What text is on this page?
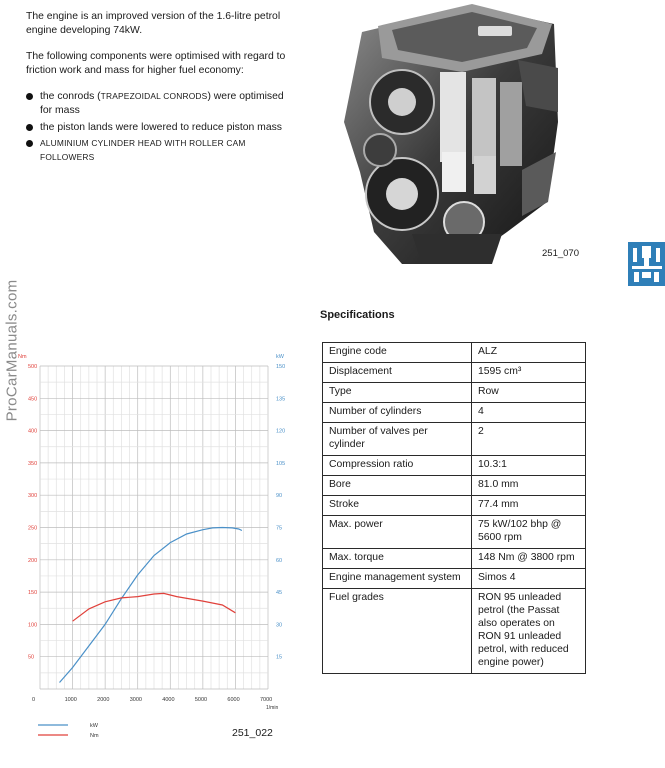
The engine is an improved version of the 1.6-litre petrol engine developing 74kW.

The following components were optimised with regard to friction work and mass for higher fuel economy:

the conrods (TRAPEZOIDAL CONRODS) were optimised for mass
the piston lands were lowered to reduce piston mass
ALUMINIUM CYLINDER HEAD WITH ROLLER CAM FOLLOWERS
251_070
ProCarManuals.com
Nm	kW
50
100
150
200
250
300
350
400
450
500
15
30
45
60
75
90
105
120
135
150
0	1000	2000	3000	4000	5000	6000	7000
1/min
kW
Nm	251_022
Specifications
Engine code	ALZ
Displacement	1595 cm³
Type	Row
Number of cylinders	4
Number of valves per cylinder	2
Compression ratio	10.3:1
Bore	81.0 mm
Stroke	77.4 mm
Max. power	75 kW/102 bhp @ 5600 rpm
Max. torque	148 Nm @ 3800 rpm
Engine management system	Simos 4
Fuel grades	RON 95 unleaded petrol (the Passat also operates on RON 91 unleaded petrol, with reduced engine power)
